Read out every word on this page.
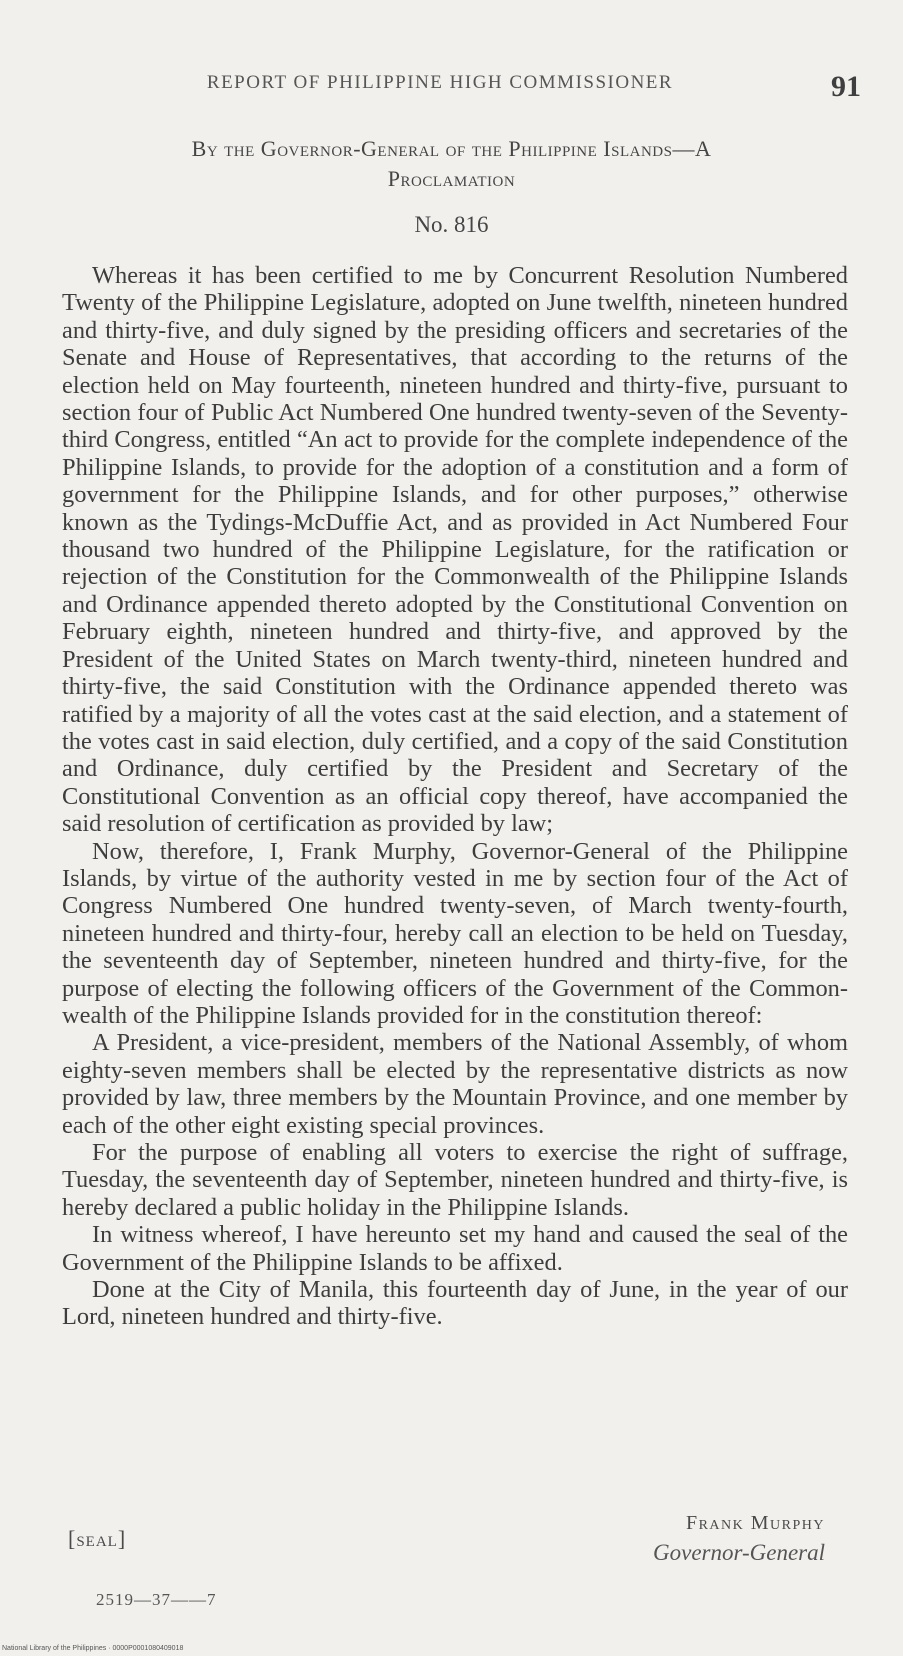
REPORT OF PHILIPPINE HIGH COMMISSIONER	91
By the Governor-General of the Philippine Islands—A
Proclamation
No. 816

Whereas it has been certified to me by Concurrent Resolution Numbered Twenty of the Philippine Legislature, adopted on June twelfth, nineteen hundred and thirty-five, and duly signed by the presiding officers and secretaries of the Senate and House of Representatives, that according to the returns of the election held on May fourteenth, nineteen hundred and thirty-five, pursuant to section four of Public Act Numbered One hundred twenty-seven of the Seventy-third Congress, entitled “An act to provide for the complete independence of the Philippine Islands, to provide for the adoption of a constitution and a form of government for the Philippine Islands, and for other purposes,” otherwise known as the Tydings-McDuffie Act, and as provided in Act Numbered Four thousand two hundred of the Philippine Legislature, for the ratification or rejection of the Constitution for the Commonwealth of the Philippine Islands and Ordinance appended thereto adopted by the Constitutional Convention on February eighth, nineteen hundred and thirty-five, and approved by the President of the United States on March twenty-third, nineteen hundred and thirty-five, the said Constitution with the Ordinance appended thereto was ratified by a majority of all the votes cast at the said election, and a statement of the votes cast in said election, duly certified, and a copy of the said Constitution and Ordinance, duly certified by the President and Secretary of the Constitutional Convention as an official copy thereof, have accompanied the said resolution of certification as provided by law;

Now, therefore, I, Frank Murphy, Governor-General of the Philippine Islands, by virtue of the authority vested in me by section four of the Act of Congress Numbered One hundred twenty-seven, of March twenty-fourth, nineteen hundred and thirty-four, hereby call an election to be held on Tuesday, the seventeenth day of September, nineteen hundred and thirty-five, for the purpose of electing the following officers of the Government of the Commonwealth of the Philippine Islands provided for in the constitution thereof:

A President, a vice-president, members of the National Assembly, of whom eighty-seven members shall be elected by the representative districts as now provided by law, three members by the Mountain Province, and one member by each of the other eight existing special provinces.

For the purpose of enabling all voters to exercise the right of suffrage, Tuesday, the seventeenth day of September, nineteen hundred and thirty-five, is hereby declared a public holiday in the Philippine Islands.

In witness whereof, I have hereunto set my hand and caused the seal of the Government of the Philippine Islands to be affixed.

Done at the City of Manila, this fourteenth day of June, in the year of our Lord, nineteen hundred and thirty-five.

[seal]
Frank Murphy
Governor-General
2519—37——7
National Library of the Philippines · 0000P0001080409018
